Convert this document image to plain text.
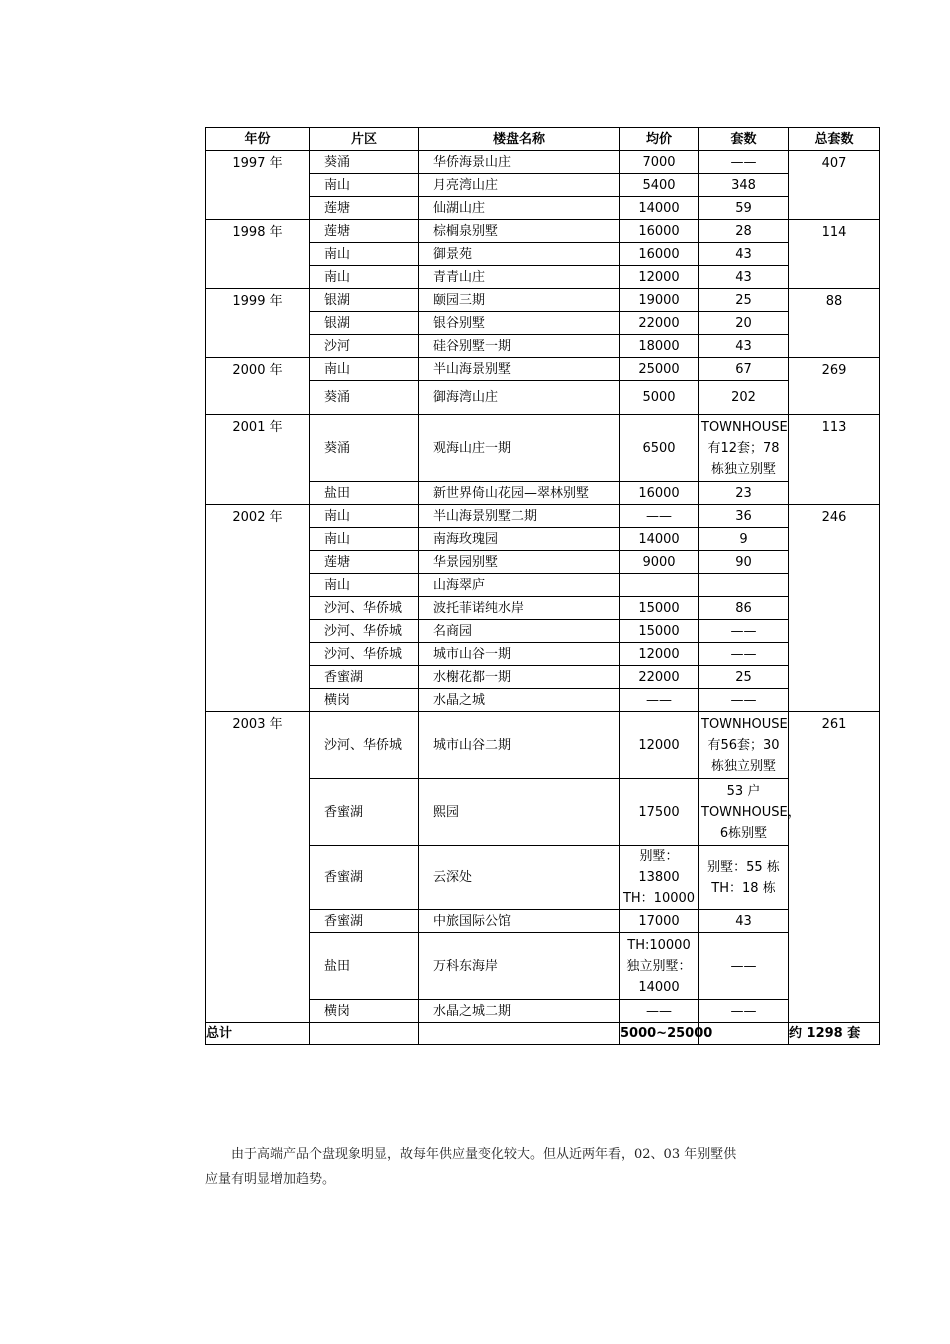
年份	片区	楼盘名称	均价	套数	总套数
1997 年	葵涌	华侨海景山庄	7000	——	407
	南山	月亮湾山庄	5400	348	
	莲塘	仙湖山庄	14000	59	
1998 年	莲塘	棕榈泉别墅	16000	28	114
	南山	御景苑	16000	43	
	南山	青青山庄	12000	43	
1999 年	银湖	颐园三期	19000	25	88
	银湖	银谷别墅	22000	20	
	沙河	硅谷别墅一期	18000	43	
2000 年	南山	半山海景别墅	25000	67	269
	葵涌	御海湾山庄	5000	202	
2001 年	葵涌	观海山庄一期	6500	TOWNHOUSE 有12套；78 栋独立别墅	113
	盐田	新世界倚山花园—翠林别墅	16000	23	
2002 年	南山	半山海景别墅二期	——	36	246
	南山	南海玫瑰园	14000	9	
	莲塘	华景园别墅	9000	90	
	南山	山海翠庐			
	沙河、华侨城	波托菲诺纯水岸	15000	86	
	沙河、华侨城	名商园	15000	——	
	沙河、华侨城	城市山谷一期	12000	——	
	香蜜湖	水榭花都一期	22000	25	
	横岗	水晶之城	——	——	
2003 年	沙河、华侨城	城市山谷二期	12000	TOWNHOUSE 有56套；30 栋独立别墅	261
	香蜜湖	熙园	17500	53 户TOWNHOUSE，6栋别墅	
	香蜜湖	云深处	别墅：13800 TH：10000	别墅：55 栋 TH：18 栋	
	香蜜湖	中旅国际公馆	17000	43	
	盐田	万科东海岸	TH:10000 独立别墅：14000	——	
	横岗	水晶之城二期	——	——	
总计			5000~25000		约 1298 套

由于高端产品个盘现象明显，故每年供应量变化较大。但从近两年看，02、03 年别墅供应量有明显增加趋势。
